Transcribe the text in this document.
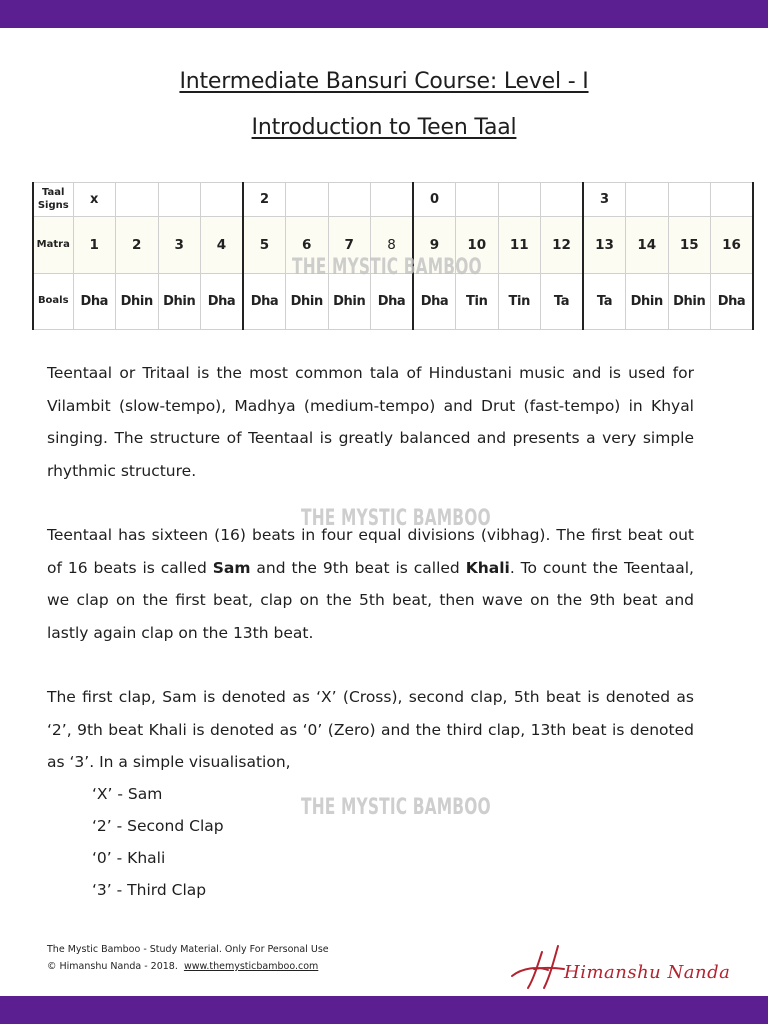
Intermediate Bansuri Course: Level - I
Introduction to Teen Taal
Taal Signs	x				2				0				3			
Matra	1	2	3	4	5	6	7	8	9	10	11	12	13	14	15	16
Boals	Dha	Dhin	Dhin	Dha	Dha	Dhin	Dhin	Dha	Dha	Tin	Tin	Ta	Ta	Dhin	Dhin	Dha
THE MYSTIC BAMBOO

Teentaal or Tritaal is the most common tala of Hindustani music and is used for Vilambit (slow-tempo), Madhya (medium-tempo) and Drut (fast-tempo) in Khyal singing. The structure of Teentaal is greatly balanced and presents a very simple rhythmic structure.

Teentaal has sixteen (16) beats in four equal divisions (vibhag). The first beat out of 16 beats is called Sam and the 9th beat is called Khali. To count the Teentaal, we clap on the first beat, clap on the 5th beat, then wave on the 9th beat and lastly again clap on the 13th beat.

THE MYSTIC BAMBOO

The first clap, Sam is denoted as ‘X’ (Cross), second clap, 5th beat is denoted as ‘2’, 9th beat Khali is denoted as ‘0’ (Zero) and the third clap, 13th beat is denoted as ‘3’. In a simple visualisation,

‘X’ - Sam
‘2’ - Second Clap
‘0’ - Khali
‘3’ - Third Clap
THE MYSTIC BAMBOO
The Mystic Bamboo - Study Material. Only For Personal Use
© Himanshu Nanda - 2018. www.themysticbamboo.com	Himanshu Nanda
